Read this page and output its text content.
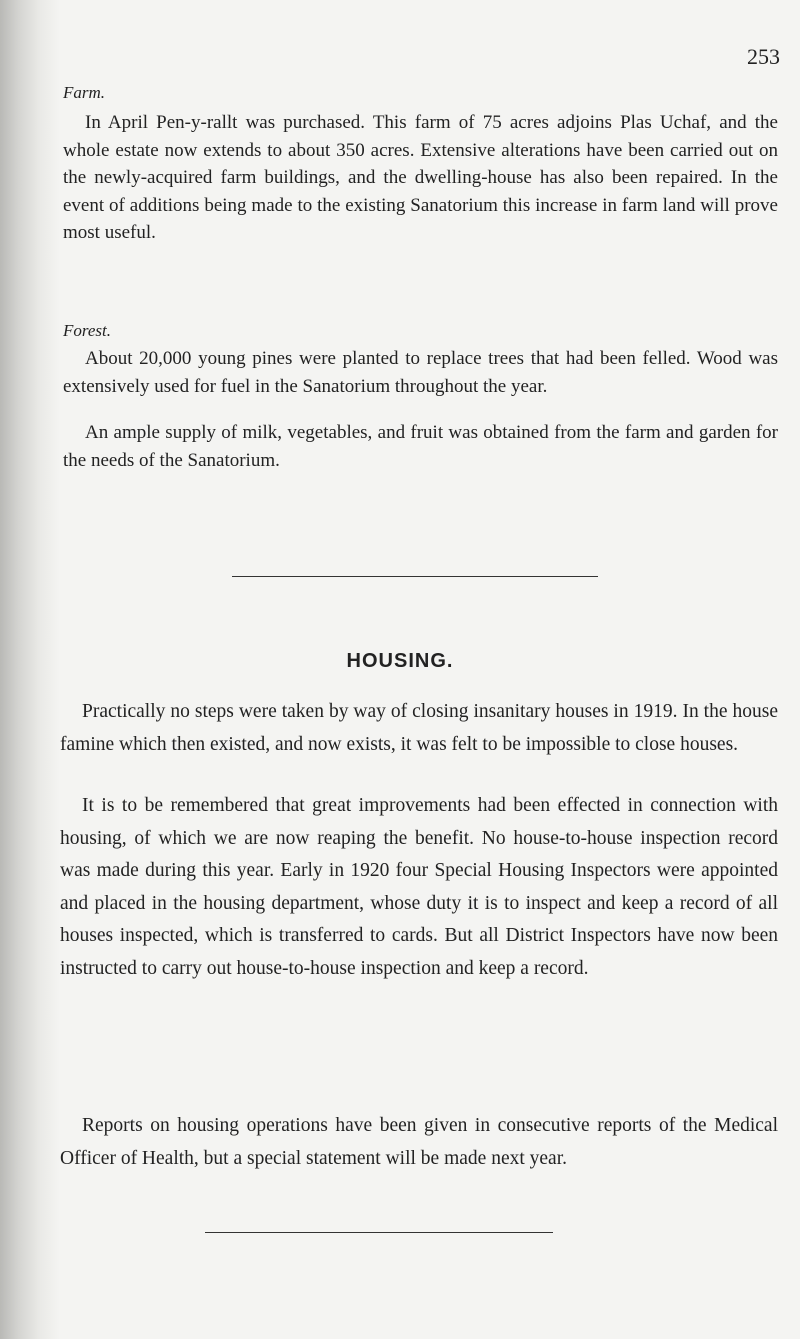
253
Farm.

In April Pen-y-rallt was purchased. This farm of 75 acres adjoins Plas Uchaf, and the whole estate now extends to about 350 acres. Extensive alterations have been carried out on the newly-acquired farm buildings, and the dwelling-house has also been repaired. In the event of additions being made to the existing Sanatorium this increase in farm land will prove most useful.

Forest.

About 20,000 young pines were planted to replace trees that had been felled. Wood was extensively used for fuel in the Sanatorium throughout the year.

An ample supply of milk, vegetables, and fruit was obtained from the farm and garden for the needs of the Sanatorium.

HOUSING.

Practically no steps were taken by way of closing insanitary houses in 1919. In the house famine which then existed, and now exists, it was felt to be impossible to close houses.

It is to be remembered that great improvements had been effected in connection with housing, of which we are now reaping the benefit. No house-to-house inspection record was made during this year. Early in 1920 four Special Housing Inspectors were appointed and placed in the housing department, whose duty it is to inspect and keep a record of all houses inspected, which is transferred to cards. But all District Inspectors have now been instructed to carry out house-to-house inspection and keep a record.

Reports on housing operations have been given in consecutive reports of the Medical Officer of Health, but a special statement will be made next year.
